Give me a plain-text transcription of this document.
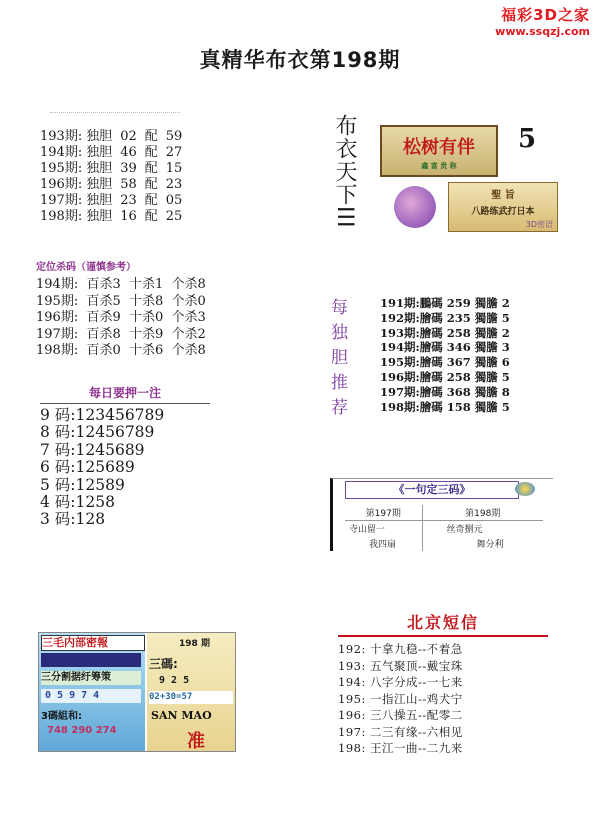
福彩3D之家
www.ssqzj.com
真精华布衣第198期
193期: 独胆 02 配 59
194期: 独胆 46 配 27
195期: 独胆 39 配 15
196期: 独胆 58 配 23
197期: 独胆 23 配 05
198期: 独胆 16 配 25
定位杀码（谨慎参考）
194期:  百杀3  十杀1  个杀8
195期:  百杀5  十杀8  个杀0
196期:  百杀9  十杀0  个杀3
197期:  百杀8  十杀9  个杀2
198期:  百杀0  十杀6  个杀8
每日要押一注
9 码:123456789
8 码:12456789
7 码:1245689
6 码:125689
5 码:12589
4 码:1258
3 码:128
布衣天下III	松树有伴
鑫 富 贵 称
5
聖 旨
八路练武打日本
3D密语
每独胆推荐	191期:鵬碼 259 獨膽 2
192期:膾碼 235 獨膽 5
193期:膾碼 258 獨膽 2
194期:膾碼 346 獨膽 3
195期:膾碼 367 獨膽 6
196期:膾碼 258 獨膽 5
197期:膾碼 368 獨膽 8
198期:膾碼 158 獨膽 5
《一句定三码》
第197期	第198期
寺山留一	丝奇捌元
我四扇	舞分利
三毛内部密報
三分割据纡筹策
0 5 9 7 4
3碼組和:
748 290 274
198 期
三碼:
9 2 5
02+30=57
SAN MAO
准
北京短信
192: 十拿九稳--不着急
193: 五气聚顶--戴宝珠
194: 八字分成--一七来
195: 一指江山--鸡犬宁
196: 三八操五--配零二
197: 二三有缘--六相见
198: 王江一曲--二九来
